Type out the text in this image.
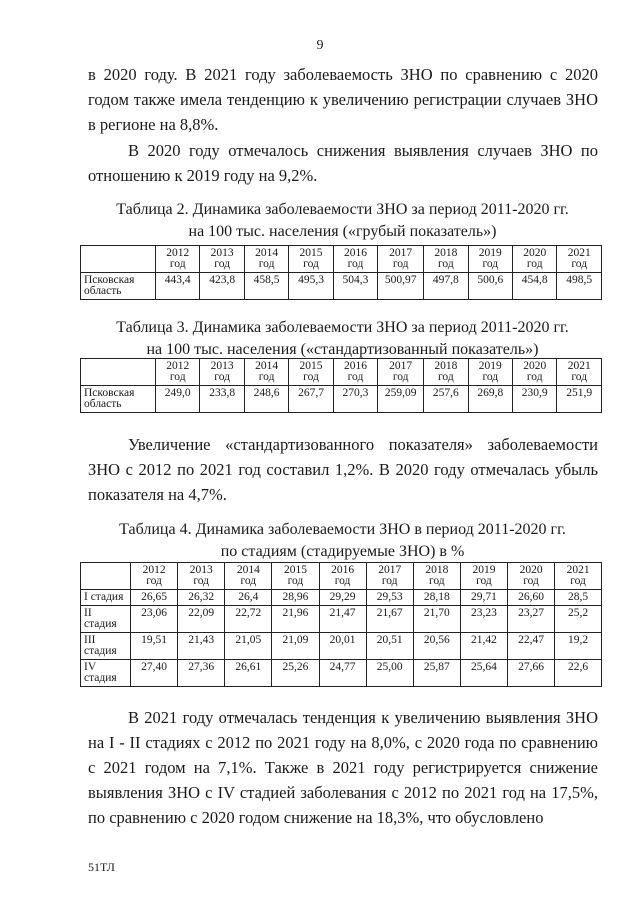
9

в 2020 году. В 2021 году заболеваемость ЗНО по сравнению с 2020 годом также имела тенденцию к увеличению регистрации случаев ЗНО в регионе на 8,8%.

В 2020 году отмечалось снижения выявления случаев ЗНО по отношению к 2019 году на 9,2%.

Таблица 2. Динамика заболеваемости ЗНО за период 2011-2020 гг.
на 100 тыс. населения («грубый показатель»)

	2012 год	2013 год	2014 год	2015 год	2016 год	2017 год	2018 год	2019 год	2020 год	2021 год
Псковская область	443,4	423,8	458,5	495,3	504,3	500,97	497,8	500,6	454,8	498,5

Таблица 3. Динамика заболеваемости ЗНО за период 2011-2020 гг.
на 100 тыс. населения («стандартизованный показатель»)

	2012 год	2013 год	2014 год	2015 год	2016 год	2017 год	2018 год	2019 год	2020 год	2021 год
Псковская область	249,0	233,8	248,6	267,7	270,3	259,09	257,6	269,8	230,9	251,9

Увеличение «стандартизованного показателя» заболеваемости ЗНО с 2012 по 2021 год составил 1,2%. В 2020 году отмечалась убыль показателя на 4,7%.

Таблица 4. Динамика заболеваемости ЗНО в период 2011-2020 гг.
по стадиям (стадируемые ЗНО) в %

	2012 год	2013 год	2014 год	2015 год	2016 год	2017 год	2018 год	2019 год	2020 год	2021 год
I стадия	26,65	26,32	26,4	28,96	29,29	29,53	28,18	29,71	26,60	28,5
II стадия	23,06	22,09	22,72	21,96	21,47	21,67	21,70	23,23	23,27	25,2
III стадия	19,51	21,43	21,05	21,09	20,01	20,51	20,56	21,42	22,47	19,2
IV стадия	27,40	27,36	26,61	25,26	24,77	25,00	25,87	25,64	27,66	22,6

В 2021 году отмечалась тенденция к увеличению выявления ЗНО на I - II стадиях с 2012 по 2021 году на 8,0%, с 2020 года по сравнению с 2021 годом на 7,1%. Также в 2021 году регистрируется снижение выявления ЗНО с IV стадией заболевания с 2012 по 2021 год на 17,5%, по сравнению с 2020 годом снижение на 18,3%, что обусловлено

51ТЛ
